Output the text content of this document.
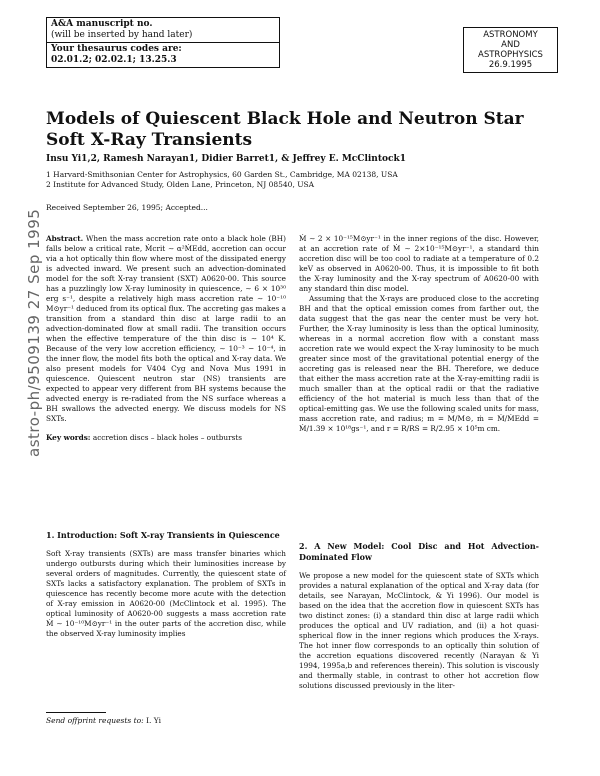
A&A manuscript no.
(will be inserted by hand later)
Your thesaurus codes are:
02.01.2; 02.02.1; 13.25.3
ASTRONOMY
AND
ASTROPHYSICS
26.9.1995
astro-ph/9509139 27 Sep 1995
Models of Quiescent Black Hole and Neutron Star Soft X-Ray Transients
Insu Yi1,2, Ramesh Narayan1, Didier Barret1, & Jeffrey E. McClintock1
1 Harvard-Smithsonian Center for Astrophysics, 60 Garden St., Cambridge, MA 02138, USA
2 Institute for Advanced Study, Olden Lane, Princeton, NJ 08540, USA
Received September 26, 1995; Accepted...

Abstract. When the mass accretion rate onto a black hole (BH) falls below a critical rate, Ṁcrit ∼ α²ṀEdd, accretion can occur via a hot optically thin flow where most of the dissipated energy is advected inward. We present such an advection-dominated model for the soft X-ray transient (SXT) A0620-00. This source has a puzzlingly low X-ray luminosity in quiescence, ∼ 6 × 10³⁰ erg s⁻¹, despite a relatively high mass accretion rate ∼ 10⁻¹⁰ M⊙yr⁻¹ deduced from its optical flux. The accreting gas makes a transition from a standard thin disc at large radii to an advection-dominated flow at small radii. The transition occurs when the effective temperature of the thin disc is ∼ 10⁴ K. Because of the very low accretion efficiency, ∼ 10⁻³ − 10⁻⁴, in the inner flow, the model fits both the optical and X-ray data. We also present models for V404 Cyg and Nova Mus 1991 in quiescence. Quiescent neutron star (NS) transients are expected to appear very different from BH systems because the advected energy is re-radiated from the NS surface whereas a BH swallows the advected energy. We discuss models for NS SXTs.

Key words: accretion discs – black holes – outbursts

1. Introduction: Soft X-ray Transients in Quiescence

Soft X-ray transients (SXTs) are mass transfer binaries which undergo outbursts during which their luminosities increase by several orders of magnitudes. Currently, the quiescent state of SXTs lacks a satisfactory explanation. The problem of SXTs in quiescence has recently become more acute with the detection of X-ray emission in A0620-00 (McClintock et al. 1995). The optical luminosity of A0620-00 suggests a mass accretion rate Ṁ ∼ 10⁻¹⁰M⊙yr⁻¹ in the outer parts of the accretion disc, while the observed X-ray luminosity implies

Send offprint requests to: I. Yi

Ṁ ∼ 2 × 10⁻¹⁵M⊙yr⁻¹ in the inner regions of the disc. However, at an accretion rate of Ṁ ∼ 2×10⁻¹⁵M⊙yr⁻¹, a standard thin accretion disc will be too cool to radiate at a temperature of 0.2 keV as observed in A0620-00. Thus, it is impossible to fit both the X-ray luminosity and the X-ray spectrum of A0620-00 with any standard thin disc model.

Assuming that the X-rays are produced close to the accreting BH and that the optical emission comes from farther out, the data suggest that the gas near the center must be very hot. Further, the X-ray luminosity is less than the optical luminosity, whereas in a normal accretion flow with a constant mass accretion rate we would expect the X-ray luminosity to be much greater since most of the gravitational potential energy of the accreting gas is released near the BH. Therefore, we deduce that either the mass accretion rate at the X-ray-emitting radii is much smaller than at the optical radii or that the radiative efficiency of the hot material is much less than that of the optical-emitting gas. We use the following scaled units for mass, mass accretion rate, and radius; m = M/M⊙, ṁ = Ṁ/ṀEdd = Ṁ/1.39 × 10¹⁸gs⁻¹, and r = R/RS = R/2.95 × 10⁵m cm.

2. A New Model: Cool Disc and Hot Advection-Dominated Flow

We propose a new model for the quiescent state of SXTs which provides a natural explanation of the optical and X-ray data (for details, see Narayan, McClintock, & Yi 1996). Our model is based on the idea that the accretion flow in quiescent SXTs has two distinct zones: (i) a standard thin disc at large radii which produces the optical and UV radiation, and (ii) a hot quasi-spherical flow in the inner regions which produces the X-rays. The hot inner flow corresponds to an optically thin solution of the accretion equations discovered recently (Narayan & Yi 1994, 1995a,b and references therein). This solution is viscously and thermally stable, in contrast to other hot accretion flow solutions discussed previously in the liter-
